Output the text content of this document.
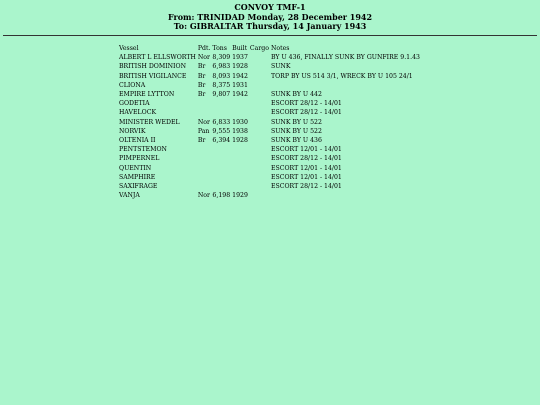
CONVOY TMF-1
From: TRINIDAD Monday, 28 December 1942
To: GIBRALTAR Thursday, 14 January 1943
Vessel	Pdt.	Tons	Built	Cargo	Notes
ALBERT L ELLSWORTH	Nor	8,309	1937		BY U 436, FINALLY SUNK BY GUNFIRE 9.1.43
BRITISH DOMINION	Br	6,983	1928		SUNK
BRITISH VIGILANCE	Br	8,093	1942		TORP BY US 514 3/1, WRECK BY U 105 24/1
CLIONA	Br	8,375	1931		
EMPIRE LYTTON	Br	9,807	1942		SUNK BY U 442
GODETIA					ESCORT 28/12 - 14/01
HAVELOCK					ESCORT 28/12 - 14/01
MINISTER WEDEL	Nor	6,833	1930		SUNK BY U 522
NORVIK	Pan	9,555	1938		SUNK BY U 522
OLTENIA II	Br	6,394	1928		SUNK BY U 436
PENTSTEMON					ESCORT 12/01 - 14/01
PIMPERNEL					ESCORT 28/12 - 14/01
QUENTIN					ESCORT 12/01 - 14/01
SAMPHIRE					ESCORT 12/01 - 14/01
SAXIFRAGE					ESCORT 28/12 - 14/01
VANJA	Nor	6,198	1929		
